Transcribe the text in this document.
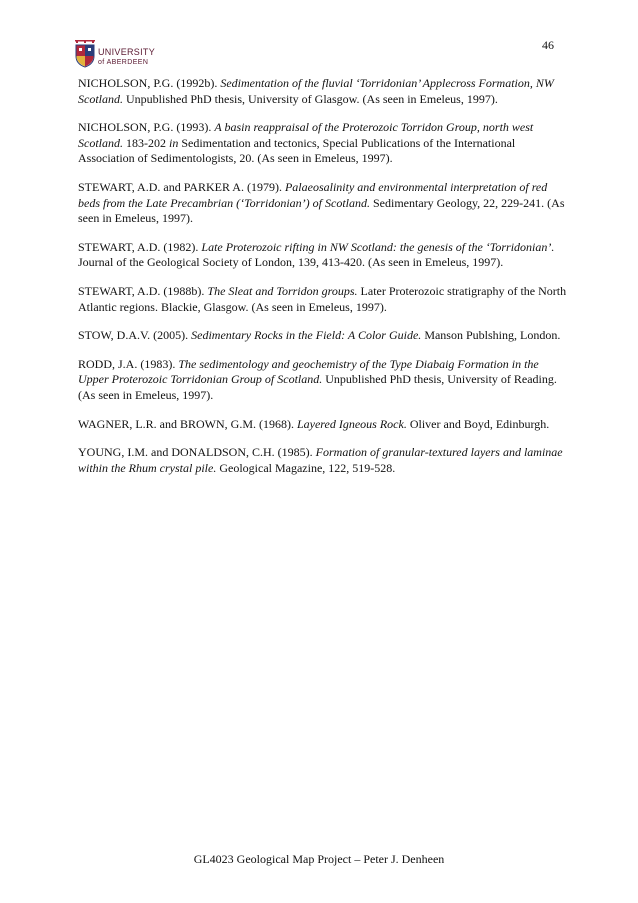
46
UNIVERSITY
of ABERDEEN

NICHOLSON, P.G. (1992b). Sedimentation of the fluvial ‘Torridonian’ Applecross Formation, NW Scotland. Unpublished PhD thesis, University of Glasgow. (As seen in Emeleus, 1997).

NICHOLSON, P.G. (1993). A basin reappraisal of the Proterozoic Torridon Group, north west Scotland. 183-202 in Sedimentation and tectonics, Special Publications of the International Association of Sedimentologists, 20. (As seen in Emeleus, 1997).

STEWART, A.D. and PARKER A. (1979). Palaeosalinity and environmental interpretation of red beds from the Late Precambrian (‘Torridonian’) of Scotland. Sedimentary Geology, 22, 229-241. (As seen in Emeleus, 1997).

STEWART, A.D. (1982). Late Proterozoic rifting in NW Scotland: the genesis of the ‘Torridonian’. Journal of the Geological Society of London, 139, 413-420. (As seen in Emeleus, 1997).

STEWART, A.D. (1988b). The Sleat and Torridon groups. Later Proterozoic stratigraphy of the North Atlantic regions. Blackie, Glasgow. (As seen in Emeleus, 1997).

STOW, D.A.V. (2005). Sedimentary Rocks in the Field: A Color Guide. Manson Publshing, London.

RODD, J.A. (1983). The sedimentology and geochemistry of the Type Diabaig Formation in the Upper Proterozoic Torridonian Group of Scotland. Unpublished PhD thesis, University of Reading. (As seen in Emeleus, 1997).

WAGNER, L.R. and BROWN, G.M. (1968). Layered Igneous Rock. Oliver and Boyd, Edinburgh.

YOUNG, I.M. and DONALDSON, C.H. (1985). Formation of granular-textured layers and laminae within the Rhum crystal pile. Geological Magazine, 122, 519-528.

GL4023 Geological Map Project – Peter J. Denheen
